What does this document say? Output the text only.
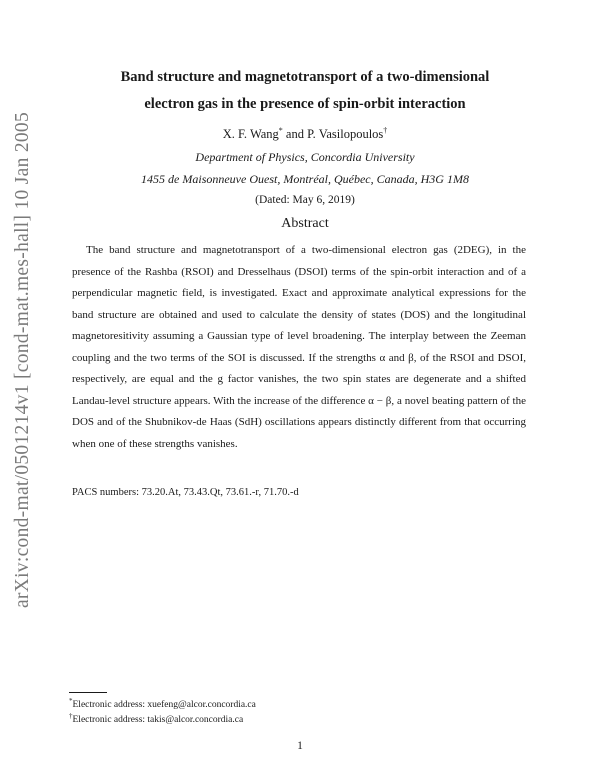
arXiv:cond-mat/0501214v1 [cond-mat.mes-hall] 10 Jan 2005
Band structure and magnetotransport of a two-dimensional
electron gas in the presence of spin-orbit interaction
X. F. Wang* and P. Vasilopoulos†
Department of Physics, Concordia University
1455 de Maisonneuve Ouest, Montréal, Québec, Canada, H3G 1M8
(Dated: May 6, 2019)
Abstract

The band structure and magnetotransport of a two-dimensional electron gas (2DEG), in the presence of the Rashba (RSOI) and Dresselhaus (DSOI) terms of the spin-orbit interaction and of a perpendicular magnetic field, is investigated. Exact and approximate analytical expressions for the band structure are obtained and used to calculate the density of states (DOS) and the longitudinal magnetoresitivity assuming a Gaussian type of level broadening. The interplay between the Zeeman coupling and the two terms of the SOI is discussed. If the strengths α and β, of the RSOI and DSOI, respectively, are equal and the g factor vanishes, the two spin states are degenerate and a shifted Landau-level structure appears. With the increase of the difference α − β, a novel beating pattern of the DOS and of the Shubnikov-de Haas (SdH) oscillations appears distinctly different from that occurring when one of these strengths vanishes.

PACS numbers: 73.20.At, 73.43.Qt, 73.61.-r, 71.70.-d
*Electronic address: xuefeng@alcor.concordia.ca
†Electronic address: takis@alcor.concordia.ca
1
